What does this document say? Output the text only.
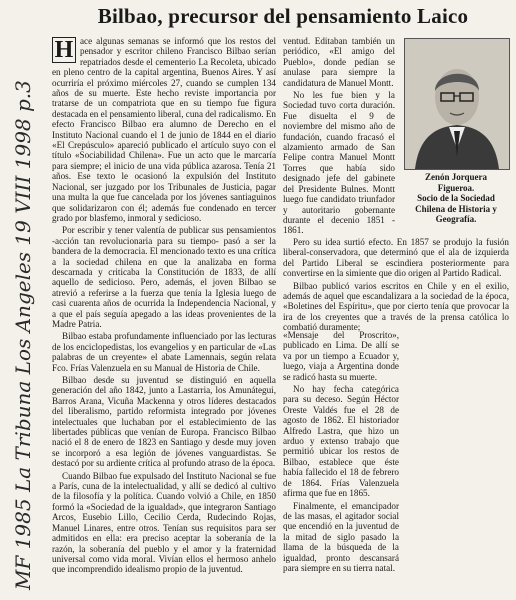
Bilbao, precursor del pensamiento Laico
MF 1985 La Tribuna Los Angeles 19 VIII 1998 p.3

H ace algunas semanas se informó que los restos del pensador y escritor chileno Francisco Bilbao serían repatriados desde el cementerio La Recoleta, ubicado en pleno centro de la capital argentina, Buenos Aires. Y así ocurriría el próximo miércoles 27, cuando se cumplen 134 años de su muerte. Este hecho reviste importancia por tratarse de un compatriota que en su tiempo fue figura destacada en el pensamiento liberal, cuna del radicalismo. En efecto Francisco Bilbao era alumno de Derecho en el Instituto Nacional cuando el 1 de junio de 1844 en el diario «El Crepúsculo» apareció publicado el artículo suyo con el título «Sociabilidad Chilena». Fue un acto que le marcaría para siempre; el inicio de una vida pública azarosa. Tenía 21 años. Ese texto le ocasionó la expulsión del Instituto Nacional, ser juzgado por los Tribunales de Justicia, pagar una multa la que fue cancelada por los jóvenes santiaguinos que solidarizaron con él; además fue condenado en tercer grado por blasfemo, inmoral y sedicioso.

Por escribir y tener valentía de publicar sus pensamientos -acción tan revolucionaria para su tiempo- pasó a ser la bandera de la democracia. El mencionado texto es una crítica a la sociedad chilena en que la analizaba en forma descarnada y criticaba la Constitución de 1833, de allí aquello de sedicioso. Pero, además, el joven Bilbao se atrevió a referirse a la fuerza que tenía la Iglesia luego de casi cuarenta años de ocurrida la Independencia Nacional, y a que el país seguía apegado a las ideas provenientes de la Madre Patria.

Bilbao estaba profundamente influenciado por las lecturas de los enciclopedistas, los evangelios y en particular de «Las palabras de un creyente» el abate Lamennais, según relata Fco. Frías Valenzuela en su Manual de Historia de Chile.

Bilbao desde su juventud se distinguió en aquella generación del año 1842, junto a Lastarria, los Amunátegui, Barros Arana, Vicuña Mackenna y otros líderes destacados del liberalismo, partido reformista integrado por jóvenes intelectuales que luchaban por el establecimiento de las libertades públicas que venían de Europa. Francisco Bilbao nació el 8 de enero de 1823 en Santiago y desde muy joven se incorporó a esa legión de jóvenes vanguardistas. Se destacó por su ardiente crítica al profundo atraso de la época.

Cuando Bilbao fue expulsado del Instituto Nacional se fue a París, cuna de la intelectualidad, y allí se dedicó al cultivo de la filosofía y la política. Cuando volvió a Chile, en 1850 formó la «Sociedad de la igualdad», que integraron Santiago Arcos, Eusebio Lillo, Cecilio Cerda, Rudecindo Rojas, Manuel Linares, entre otros. Tenían sus requisitos para ser admitidos en ella: era preciso aceptar la soberanía de la razón, la soberanía del pueblo y el amor y la fraternidad universal como vida moral. Vivían ellos el hermoso anhelo que incomprendido idealismo propio de la juventud.

ventud. Editaban también un periódico, «El amigo del Pueblo», donde pedían se anulase para siempre la candidatura de Manuel Montt.

No les fue bien y la Sociedad tuvo corta duración. Fue disuelta el 9 de noviembre del mismo año de fundación, cuando fracasó el alzamiento armado de San Felipe contra Manuel Montt Torres que había sido designado jefe del gabinete del Presidente Bulnes. Montt luego fue candidato triunfador y autoritario gobernante durante el decenio 1851 - 1861.

Zenón Jorquera
Figueroa.
Socio de la Sociedad
Chilena de Historia y
Geografía.

Pero su idea surtió efecto. En 1857 se produjo la fusión liberal-conservadora, que determinó que el ala de izquierda del Partido Liberal se escindiera posteriormente para convertirse en la simiente que dio origen al Partido Radical.

Bilbao publicó varios escritos en Chile y en el exilio, además de aquel que escandalizara a la sociedad de la época, «Boletines del Espíritu», que por cierto tenía que provocar la ira de los creyentes que a través de la prensa católica lo combatió duramente;

«Mensaje del Proscrito», publicado en Lima. De allí se va por un tiempo a Ecuador y, luego, viaja a Argentina donde se radicó hasta su muerte.

No hay fecha categórica para su deceso. Según Héctor Oreste Valdés fue el 28 de agosto de 1862. El historiador Alfredo Lastra, que hizo un arduo y extenso trabajo que permitió ubicar los restos de Bilbao, establece que éste había fallecido el 18 de febrero de 1864. Frías Valenzuela afirma que fue en 1865.

Finalmente, el emancipador de las masas, el agitador social que encendió en la juventud de la mitad de siglo pasado la llama de la búsqueda de la igualdad, pronto descansará para siempre en su tierra natal.
